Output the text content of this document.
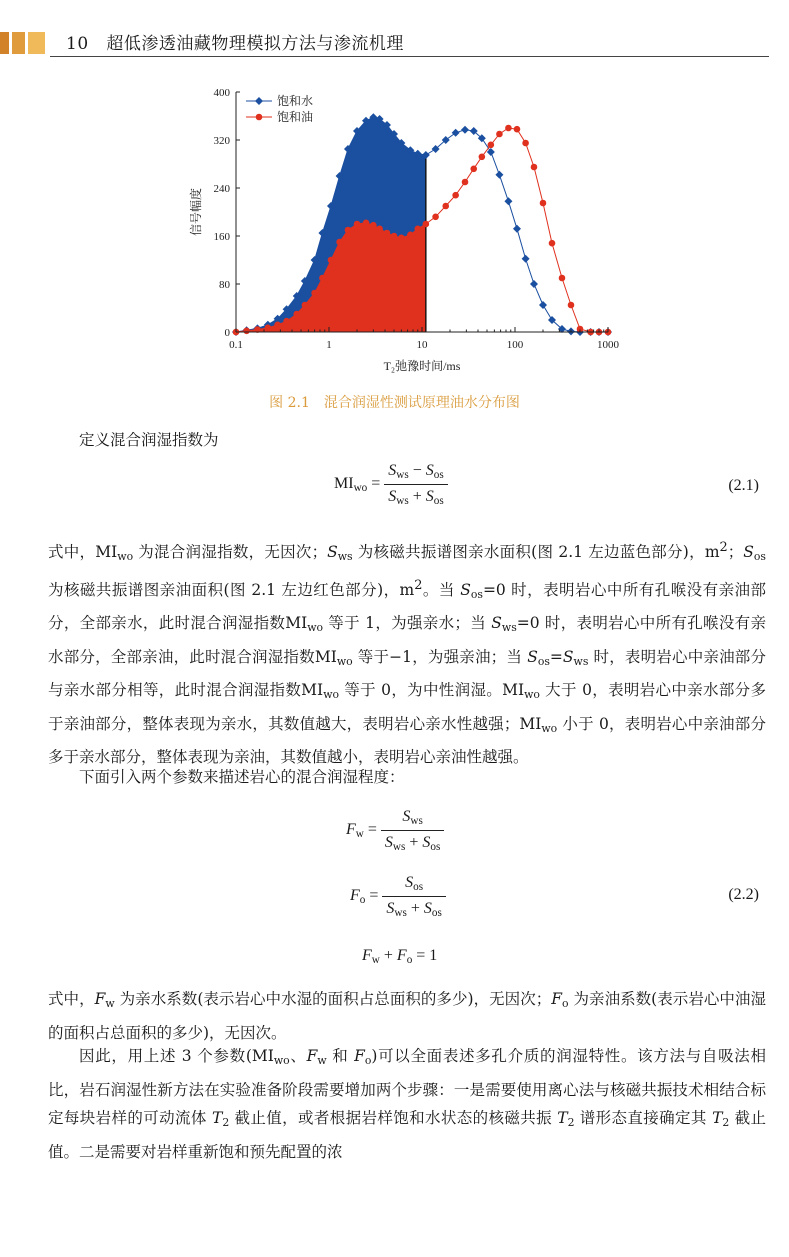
10 超低渗透油藏物理模拟方法与渗流机理
0
80
160
240
320
400
0.1	1	10	100	1000
T₂弛豫时间/ms
信号幅度
饱和水
饱和油
图 2.1　混合润湿性测试原理油水分布图
定义混合润湿指数为
$MI_{wo} = \frac{S_{ws} - S_{os}}{S_{ws} + S_{os}}$	(2.1)
式中，$MI_{wo}$ 为混合润湿指数，无因次；$S_{ws}$ 为核磁共振谱图亲水面积(图 2.1 左边蓝色部分)，$m^2$；$S_{os}$ 为核磁共振谱图亲油面积(图 2.1 左边红色部分)，$m^2$。当 $S_{os}=0$ 时，表明岩心中所有孔喉没有亲油部分，全部亲水，此时混合润湿指数$MI_{wo}$ 等于 1，为强亲水；当 $S_{ws}=0$ 时，表明岩心中所有孔喉没有亲水部分，全部亲油，此时混合润湿指数$MI_{wo}$ 等于−1，为强亲油；当 $S_{os}=S_{ws}$ 时，表明岩心中亲油部分与亲水部分相等，此时混合润湿指数$MI_{wo}$ 等于 0，为中性润湿。$MI_{wo}$ 大于 0，表明岩心中亲水部分多于亲油部分，整体表现为亲水，其数值越大，表明岩心亲水性越强；$MI_{wo}$ 小于 0，表明岩心中亲油部分多于亲水部分，整体表现为亲油，其数值越小，表明岩心亲油性越强。
下面引入两个参数来描述岩心的混合润湿程度：
$F_w = \frac{S_{ws}}{S_{ws} + S_{os}}$
$F_o = \frac{S_{os}}{S_{ws} + S_{os}}$	(2.2)
$F_w + F_o = 1$
式中，$F_w$ 为亲水系数(表示岩心中水湿的面积占总面积的多少)，无因次；$F_o$ 为亲油系数(表示岩心中油湿的面积占总面积的多少)，无因次。
因此，用上述 3 个参数($MI_{wo}$、$F_w$ 和 $F_o$)可以全面表述多孔介质的润湿特性。该方法与自吸法相比，岩石润湿性新方法在实验准备阶段需要增加两个步骤：一是需要使用离心法与核磁共振技术相结合标定每块岩样的可动流体 $T_2$ 截止值，或者根据岩样饱和水状态的核磁共振 $T_2$ 谱形态直接确定其 $T_2$ 截止值。二是需要对岩样重新饱和预先配置的浓
